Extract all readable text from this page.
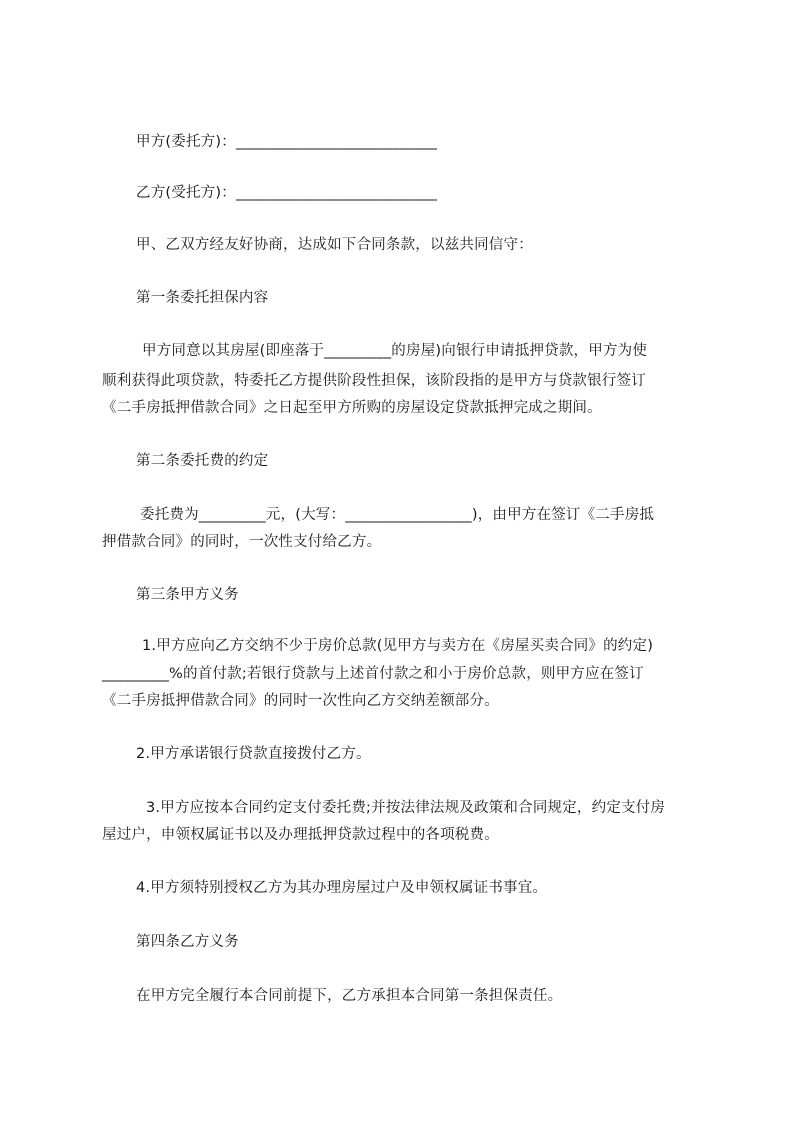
甲方(委托方)：___________________________
乙方(受托方)：___________________________
甲、乙双方经友好协商，达成如下合同条款，以兹共同信守：
第一条委托担保内容
甲方同意以其房屋(即座落于_________的房屋)向银行申请抵押贷款，甲方为使
顺利获得此项贷款，特委托乙方提供阶段性担保，该阶段指的是甲方与贷款银行签订
《二手房抵押借款合同》之日起至甲方所购的房屋设定贷款抵押完成之期间。
第二条委托费的约定
委托费为_________元，(大写：_________________)，由甲方在签订《二手房抵
押借款合同》的同时，一次性支付给乙方。
第三条甲方义务
1.甲方应向乙方交纳不少于房价总款(见甲方与卖方在《房屋买卖合同》的约定)
_________%的首付款;若银行贷款与上述首付款之和小于房价总款，则甲方应在签订
《二手房抵押借款合同》的同时一次性向乙方交纳差额部分。
2.甲方承诺银行贷款直接拨付乙方。
3.甲方应按本合同约定支付委托费;并按法律法规及政策和合同规定，约定支付房
屋过户，申领权属证书以及办理抵押贷款过程中的各项税费。
4.甲方须特别授权乙方为其办理房屋过户及申领权属证书事宜。
第四条乙方义务
在甲方完全履行本合同前提下，乙方承担本合同第一条担保责任。
